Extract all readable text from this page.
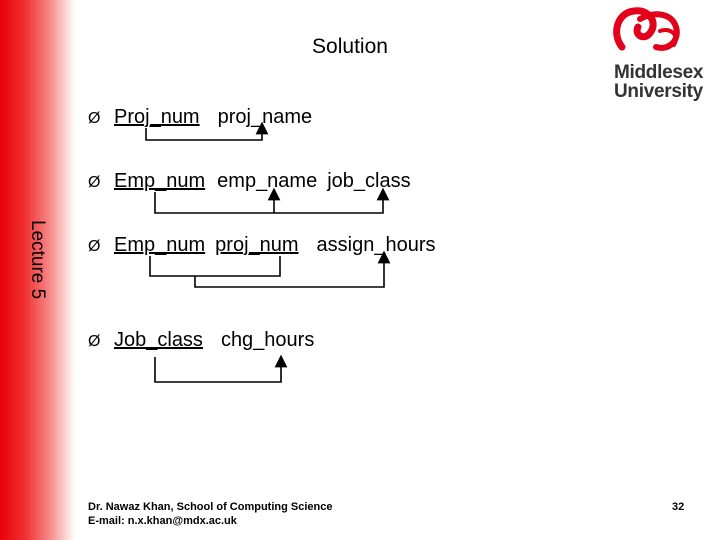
Solution
Lecture 5
Middlesex
University
Ø Proj_num proj_name
Ø Emp_num emp_name job_class
Ø Emp_num proj_num assign_hours
Ø Job_class chg_hours
Dr. Nawaz Khan, School of Computing Science
E-mail: n.x.khan@mdx.ac.uk
32
